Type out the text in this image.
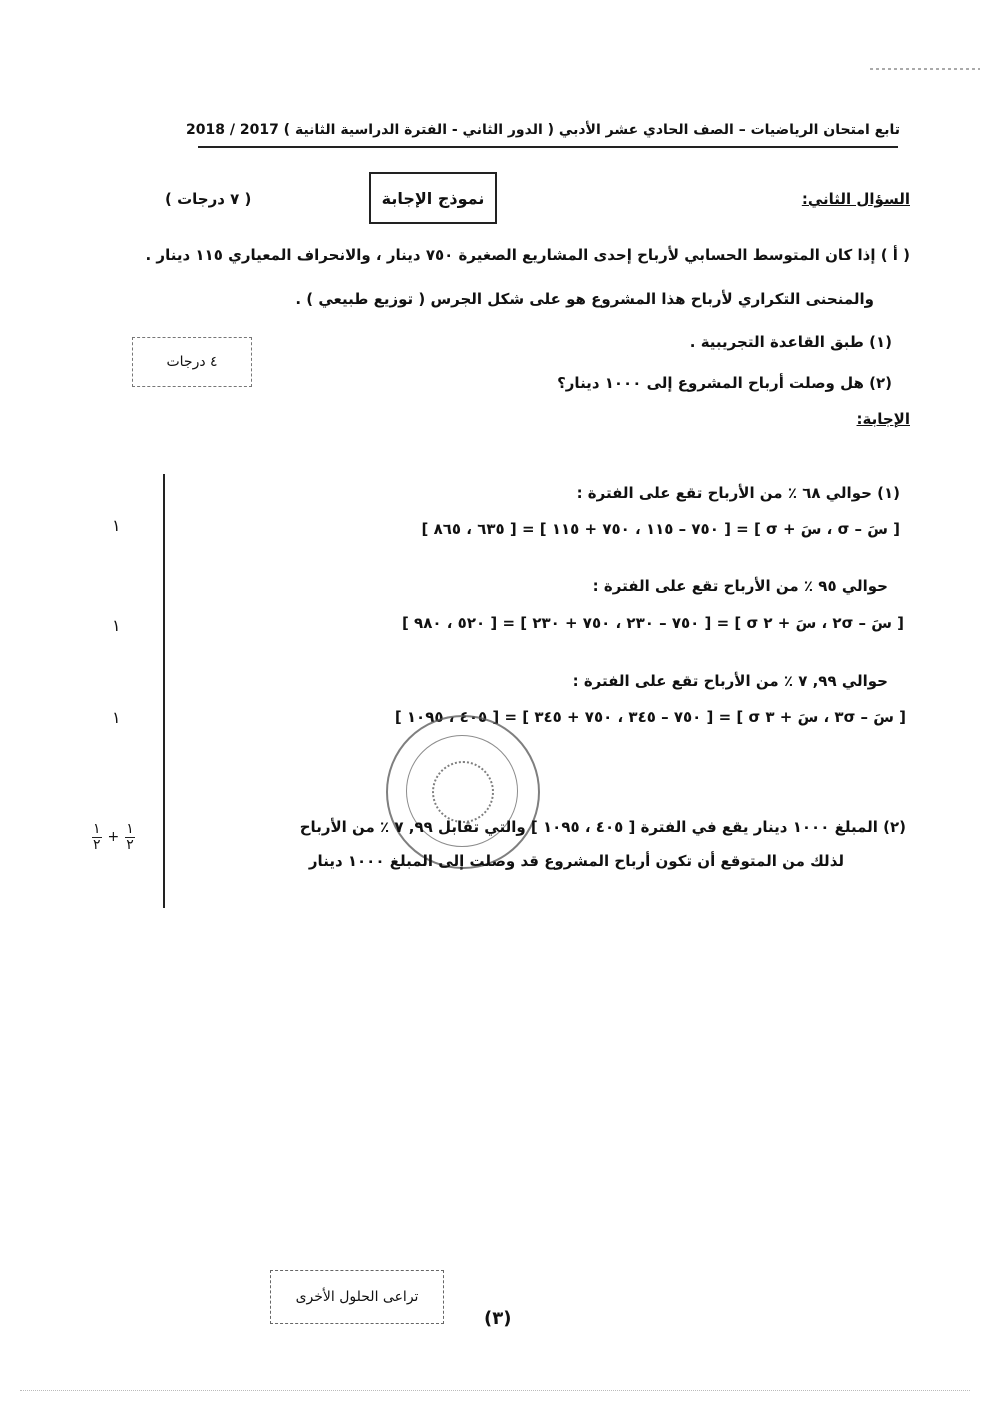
تابع امتحان الرياضيات – الصف الحادي عشر الأدبي ( الدور الثاني - الفترة الدراسية الثانية ) 2017 / 2018
السؤال الثاني:
نموذج الإجابة
( ٧ درجات )
( أ ) إذا كان المتوسط الحسابي لأرباح إحدى المشاريع الصغيرة ٧٥٠ دينار ، والانحراف المعياري ١١٥ دينار .
والمنحنى التكراري لأرباح هذا المشروع هو على شكل الجرس ( توزيع طبيعي ) .
(١) طبق القاعدة التجريبية .
(٢) هل وصلت أرباح المشروع إلى ١٠٠٠ دينار؟
٤ درجات
الإجابة:
(١) حوالي ٦٨ ٪ من الأرباح تقع على الفترة :
[ سَ – σ ، سَ + σ ] = [ ٧٥٠ – ١١٥ ، ٧٥٠ + ١١٥ ] = [ ٦٣٥ ، ٨٦٥ ]
١
حوالي ٩٥ ٪ من الأرباح تقع على الفترة :
[ سَ – ٢σ ، سَ + ٢ σ ] = [ ٧٥٠ – ٢٣٠ ، ٧٥٠ + ٢٣٠ ] = [ ٥٢٠ ، ٩٨٠ ]
١
حوالي ٩٩, ٧ ٪ من الأرباح تقع على الفترة :
[ سَ – ٣σ ، سَ + ٣ σ ] = [ ٧٥٠ – ٣٤٥ ، ٧٥٠ + ٣٤٥ ] = [ ٤٠٥ ، ١٠٩٥ ]
١
(٢) المبلغ ١٠٠٠ دينار يقع في الفترة [ ٤٠٥ ، ١٠٩٥ ] والتي تقابل ٩٩, ٧ ٪ من الأرباح
لذلك من المتوقع أن تكون أرباح المشروع قد وصلت إلى المبلغ ١٠٠٠ دينار
١
٢ +
١
٢
تراعى الحلول الأخرى
(٣)
